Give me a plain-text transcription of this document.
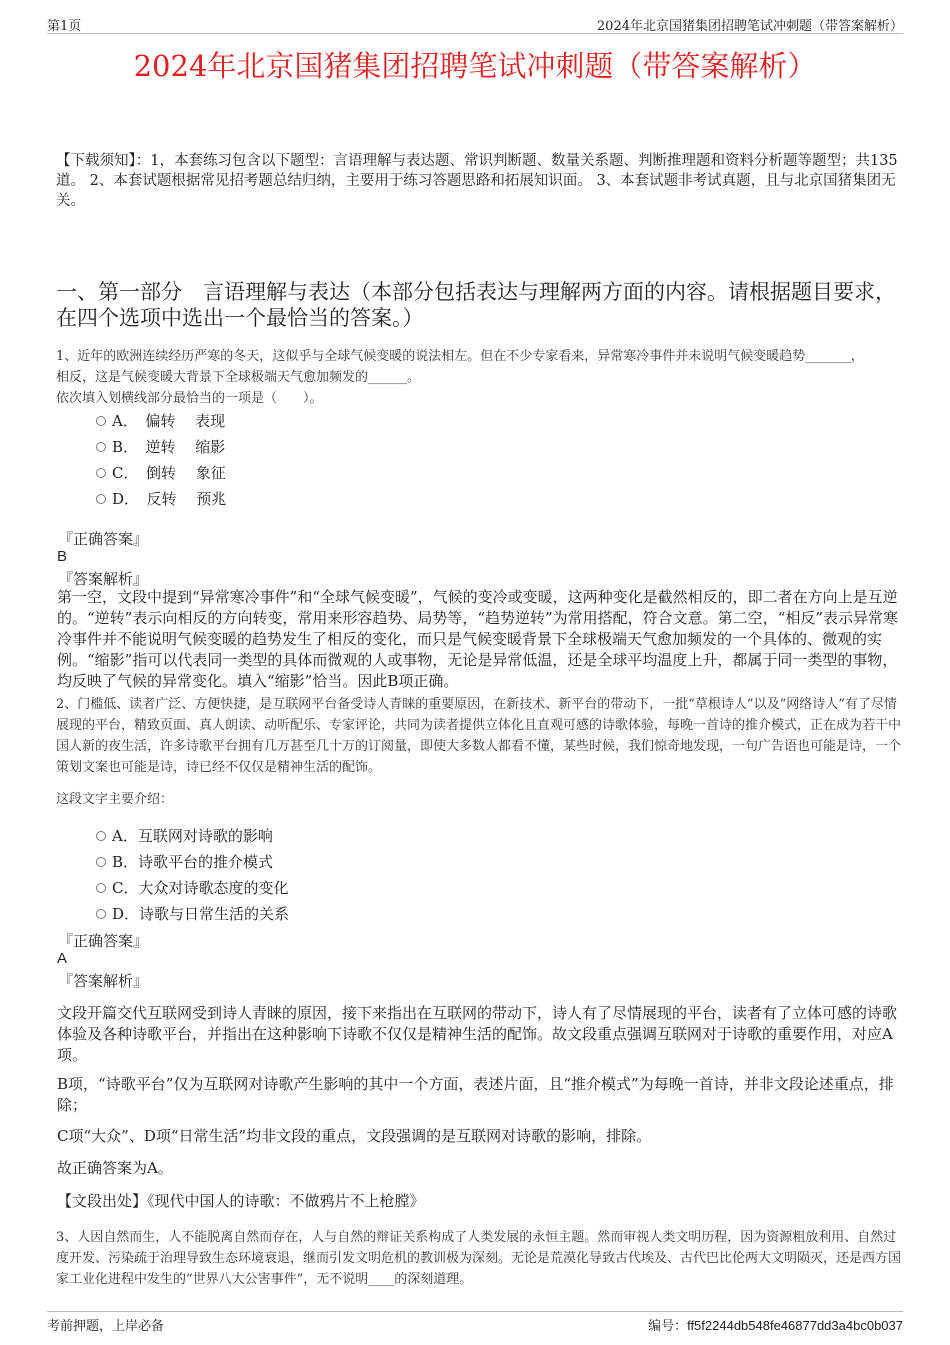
第1页	2024年北京国猪集团招聘笔试冲刺题（带答案解析）
2024年北京国猪集团招聘笔试冲刺题（带答案解析）
【下载须知】：1，本套练习包含以下题型：言语理解与表达题、常识判断题、数量关系题、判断推理题和资料分析题等题型；共135道。 2、本套试题根据常见招考题总结归纳，主要用于练习答题思路和拓展知识面。 3、本套试题非考试真题，且与北京国猪集团无关。
一、第一部分　言语理解与表达（本部分包括表达与理解两方面的内容。请根据题目要求，在四个选项中选出一个最恰当的答案。）
1、近年的欧洲连续经历严寒的冬天，这似乎与全球气候变暖的说法相左。但在不少专家看来，异常寒冷事件并未说明气候变暖趋势_______，
相反，这是气候变暖大背景下全球极端天气愈加频发的______。
依次填入划横线部分最恰当的一项是（　　）。
A．　偏转　 表现
B．　逆转　 缩影
C．　倒转　 象征
D．　反转　 预兆
『正确答案』
B
『答案解析』
第一空，文段中提到“异常寒冷事件”和“全球气候变暖”，气候的变冷或变暖，这两种变化是截然相反的，即二者在方向上是互逆的。“逆转”表示向相反的方向转变，常用来形容趋势、局势等，“趋势逆转”为常用搭配，符合文意。第二空，“相反”表示异常寒冷事件并不能说明气候变暖的趋势发生了相反的变化，而只是气候变暖背景下全球极端天气愈加频发的一个具体的、微观的实例。“缩影”指可以代表同一类型的具体而微观的人或事物，无论是异常低温，还是全球平均温度上升，都属于同一类型的事物，均反映了气候的异常变化。填入“缩影”恰当。因此B项正确。
2、门槛低、读者广泛、方便快捷，是互联网平台备受诗人青睐的重要原因，在新技术、新平台的带动下，一批“草根诗人”以及“网络诗人”有了尽情展现的平台，精致页面、真人朗读、动听配乐、专家评论，共同为读者提供立体化且直观可感的诗歌体验，每晚一首诗的推介模式，正在成为若干中国人新的夜生活，许多诗歌平台拥有几万甚至几十万的订阅量，即使大多数人都看不懂，某些时候，我们惊奇地发现，一句广告语也可能是诗，一个策划文案也可能是诗，诗已经不仅仅是精神生活的配饰。
这段文字主要介绍：
A．互联网对诗歌的影响
B．诗歌平台的推介模式
C．大众对诗歌态度的变化
D．诗歌与日常生活的关系
『正确答案』
A
『答案解析』
文段开篇交代互联网受到诗人青睐的原因，接下来指出在互联网的带动下，诗人有了尽情展现的平台，读者有了立体可感的诗歌体验及各种诗歌平台，并指出在这种影响下诗歌不仅仅是精神生活的配饰。故文段重点强调互联网对于诗歌的重要作用，对应A项。
B项，“诗歌平台”仅为互联网对诗歌产生影响的其中一个方面，表述片面，且“推介模式”为每晚一首诗，并非文段论述重点，排除；
C项“大众”、D项“日常生活”均非文段的重点，文段强调的是互联网对诗歌的影响，排除。
故正确答案为A。
【文段出处】《现代中国人的诗歌：不做鸦片不上枪膛》
3、人因自然而生，人不能脱离自然而存在，人与自然的辩证关系构成了人类发展的永恒主题。然而审视人类文明历程，因为资源粗放利用、自然过度开发、污染疏于治理导致生态环境衰退，继而引发文明危机的教训极为深刻。无论是荒漠化导致古代埃及、古代巴比伦两大文明陨灭，还是西方国家工业化进程中发生的“世界八大公害事件”，无不说明____的深刻道理。
考前押题，上岸必备	编号：ff5f2244db548fe46877dd3a4bc0b037
